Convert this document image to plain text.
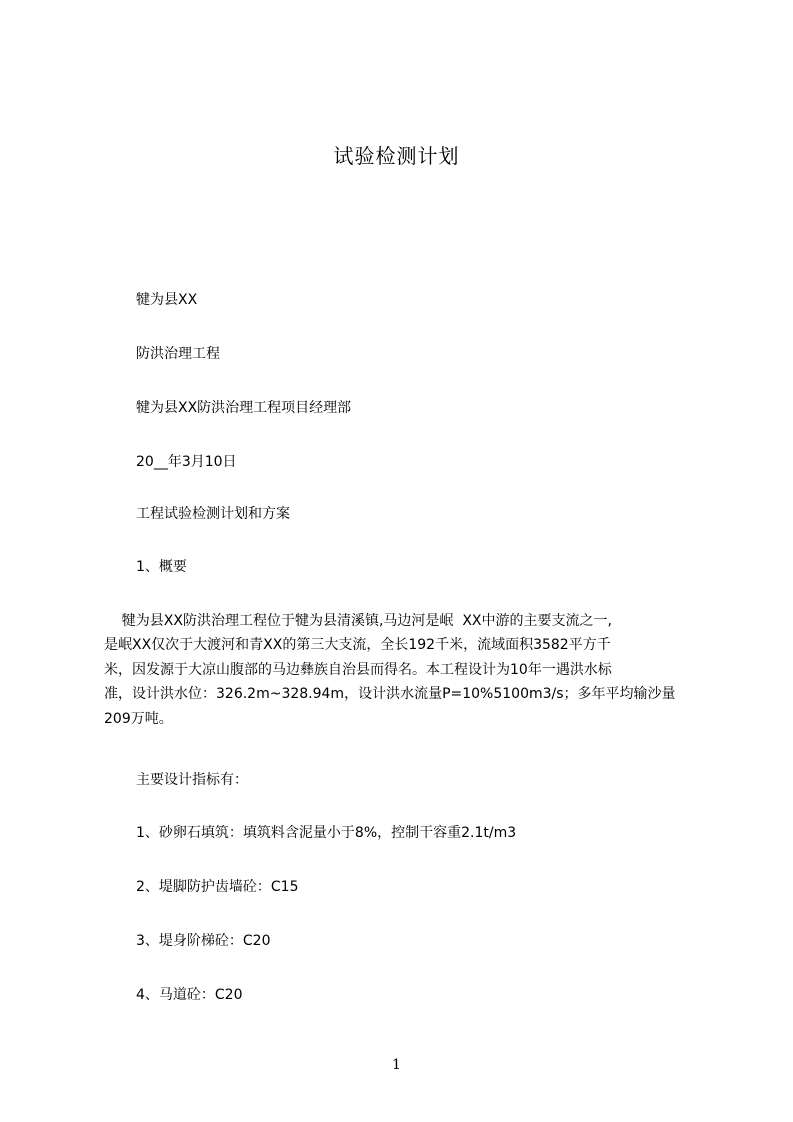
试验检测计划
犍为县XX
防洪治理工程
犍为县XX防洪治理工程项目经理部
20__年3月10日
工程试验检测计划和方案
1、概要
犍为县XX防洪治理工程位于犍为县清溪镇,马边河是岷  XX中游的主要支流之一,
是岷XX仅次于大渡河和青XX的第三大支流，全长192千米，流域面积3582平方千
米，因发源于大凉山腹部的马边彝族自治县而得名。本工程设计为10年一遇洪水标
准，设计洪水位：326.2m~328.94m，设计洪水流量P=10%5100m3/s；多年平均输沙量
209万吨。
主要设计指标有：
1、砂卵石填筑：填筑料含泥量小于8%，控制干容重2.1t/m3
2、堤脚防护齿墙砼：C15
3、堤身阶梯砼：C20
4、马道砼：C20
1
